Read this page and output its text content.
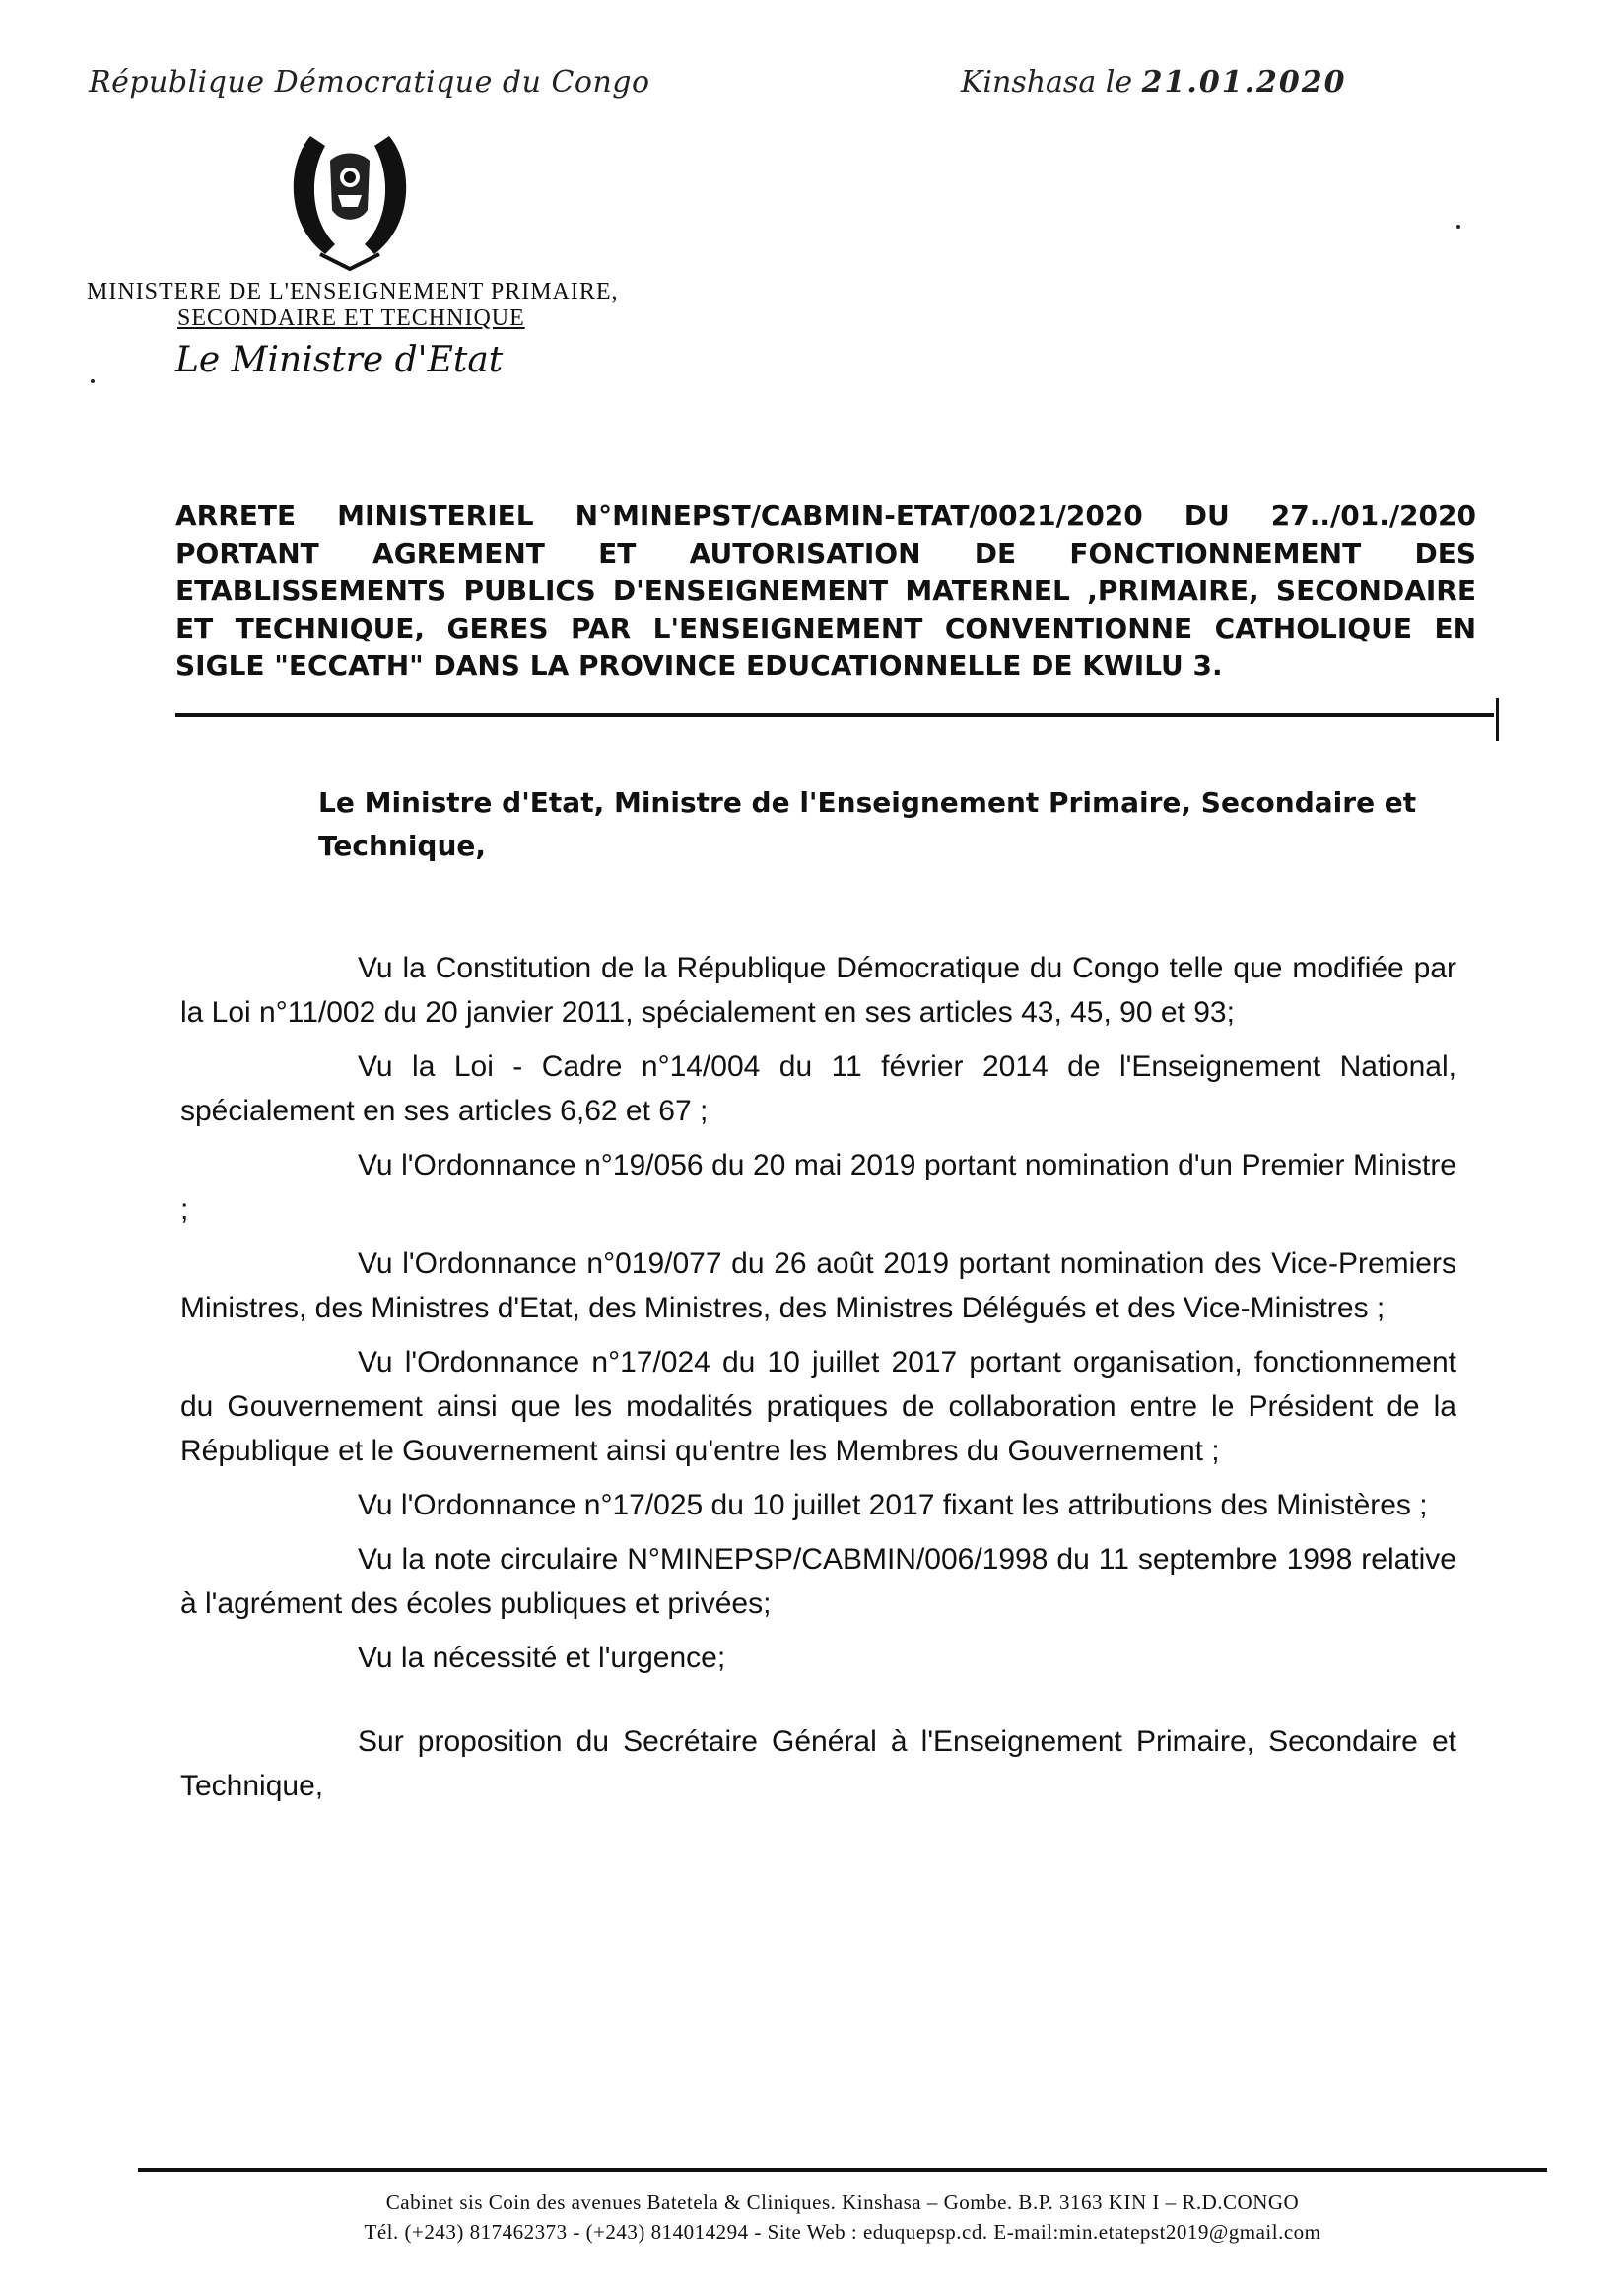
République Démocratique du Congo	Kinshasa le 21.01.2020
MINISTERE DE L'ENSEIGNEMENT PRIMAIRE,
SECONDAIRE ET TECHNIQUE
Le Ministre d'Etat
ARRETE MINISTERIEL N°MINEPST/CABMIN-ETAT/0021/2020 DU 27../01./2020
PORTANT AGREMENT ET AUTORISATION DE FONCTIONNEMENT DES
ETABLISSEMENTS PUBLICS D'ENSEIGNEMENT MATERNEL ,PRIMAIRE, SECONDAIRE
ET TECHNIQUE, GERES PAR L'ENSEIGNEMENT CONVENTIONNE CATHOLIQUE EN
SIGLE "ECCATH" DANS LA PROVINCE EDUCATIONNELLE DE KWILU 3.
Le Ministre d'Etat, Ministre de l'Enseignement Primaire, Secondaire et Technique,

Vu la Constitution de la République Démocratique du Congo telle que modifiée par la Loi n°11/002 du 20 janvier 2011, spécialement en ses articles 43, 45, 90 et 93;

Vu la Loi - Cadre n°14/004 du 11 février 2014 de l'Enseignement National, spécialement en ses articles 6,62 et 67 ;

Vu l'Ordonnance n°19/056 du 20 mai 2019 portant nomination d'un Premier Ministre ;

Vu l'Ordonnance n°019/077 du 26 août 2019 portant nomination des Vice-Premiers Ministres, des Ministres d'Etat, des Ministres, des Ministres Délégués et des Vice-Ministres ;

Vu l'Ordonnance n°17/024 du 10 juillet 2017 portant organisation, fonctionnement du Gouvernement ainsi que les modalités pratiques de collaboration entre le Président de la République et le Gouvernement ainsi qu'entre les Membres du Gouvernement ;

Vu l'Ordonnance n°17/025 du 10 juillet 2017 fixant les attributions des Ministères ;

Vu la note circulaire N°MINEPSP/CABMIN/006/1998 du 11 septembre 1998 relative à l'agrément des écoles publiques et privées;

Vu la nécessité et l'urgence;

Sur proposition du Secrétaire Général à l'Enseignement Primaire, Secondaire et Technique,

Cabinet sis Coin des avenues Batetela & Cliniques. Kinshasa – Gombe. B.P. 3163 KIN I – R.D.CONGO
Tél. (+243) 817462373 - (+243) 814014294 - Site Web : eduquepsp.cd. E-mail:min.etatepst2019@gmail.com
